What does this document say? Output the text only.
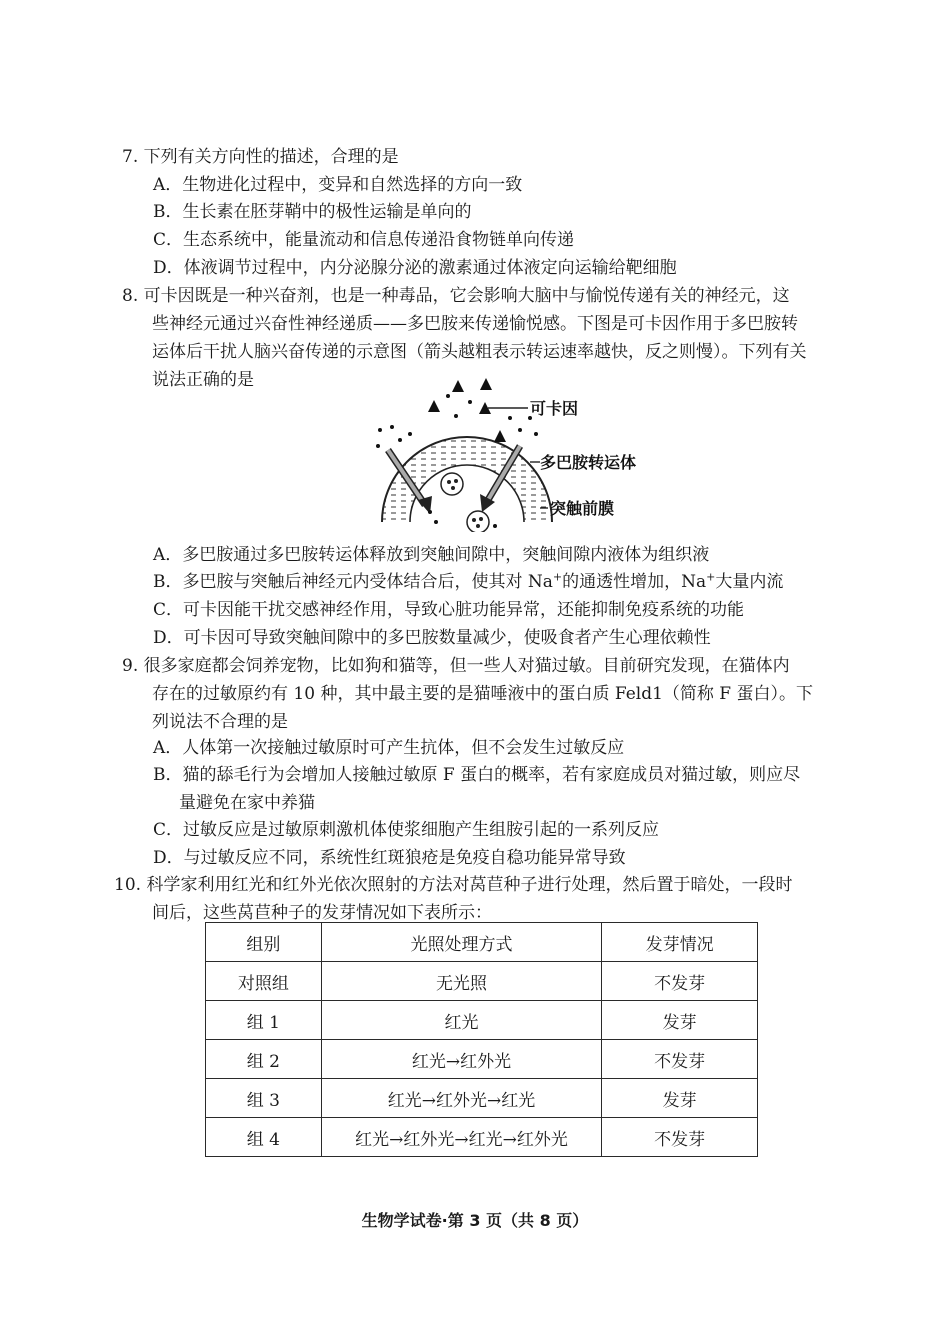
7. 下列有关方向性的描述，合理的是
A．生物进化过程中，变异和自然选择的方向一致
B．生长素在胚芽鞘中的极性运输是单向的
C．生态系统中，能量流动和信息传递沿食物链单向传递
D．体液调节过程中，内分泌腺分泌的激素通过体液定向运输给靶细胞
8. 可卡因既是一种兴奋剂，也是一种毒品，它会影响大脑中与愉悦传递有关的神经元，这
些神经元通过兴奋性神经递质——多巴胺来传递愉悦感。下图是可卡因作用于多巴胺转
运体后干扰人脑兴奋传递的示意图（箭头越粗表示转运速率越快，反之则慢）。下列有关
说法正确的是
可卡因
多巴胺转运体
突触前膜
A．多巴胺通过多巴胺转运体释放到突触间隙中，突触间隙内液体为组织液
B．多巴胺与突触后神经元内受体结合后，使其对 Na+的通透性增加，Na+大量内流
C．可卡因能干扰交感神经作用，导致心脏功能异常，还能抑制免疫系统的功能
D．可卡因可导致突触间隙中的多巴胺数量减少，使吸食者产生心理依赖性
9. 很多家庭都会饲养宠物，比如狗和猫等，但一些人对猫过敏。目前研究发现，在猫体内
存在的过敏原约有 10 种，其中最主要的是猫唾液中的蛋白质 Feld1（简称 F 蛋白）。下
列说法不合理的是
A．人体第一次接触过敏原时可产生抗体，但不会发生过敏反应
B．猫的舔毛行为会增加人接触过敏原 F 蛋白的概率，若有家庭成员对猫过敏，则应尽
量避免在家中养猫
C．过敏反应是过敏原刺激机体使浆细胞产生组胺引起的一系列反应
D．与过敏反应不同，系统性红斑狼疮是免疫自稳功能异常导致
10. 科学家利用红光和红外光依次照射的方法对莴苣种子进行处理，然后置于暗处，一段时
间后，这些莴苣种子的发芽情况如下表所示：
组别	光照处理方式	发芽情况
对照组	无光照	不发芽
组 1	红光	发芽
组 2	红光→红外光	不发芽
组 3	红光→红外光→红光	发芽
组 4	红光→红外光→红光→红外光	不发芽
生物学试卷·第 3 页（共 8 页）
